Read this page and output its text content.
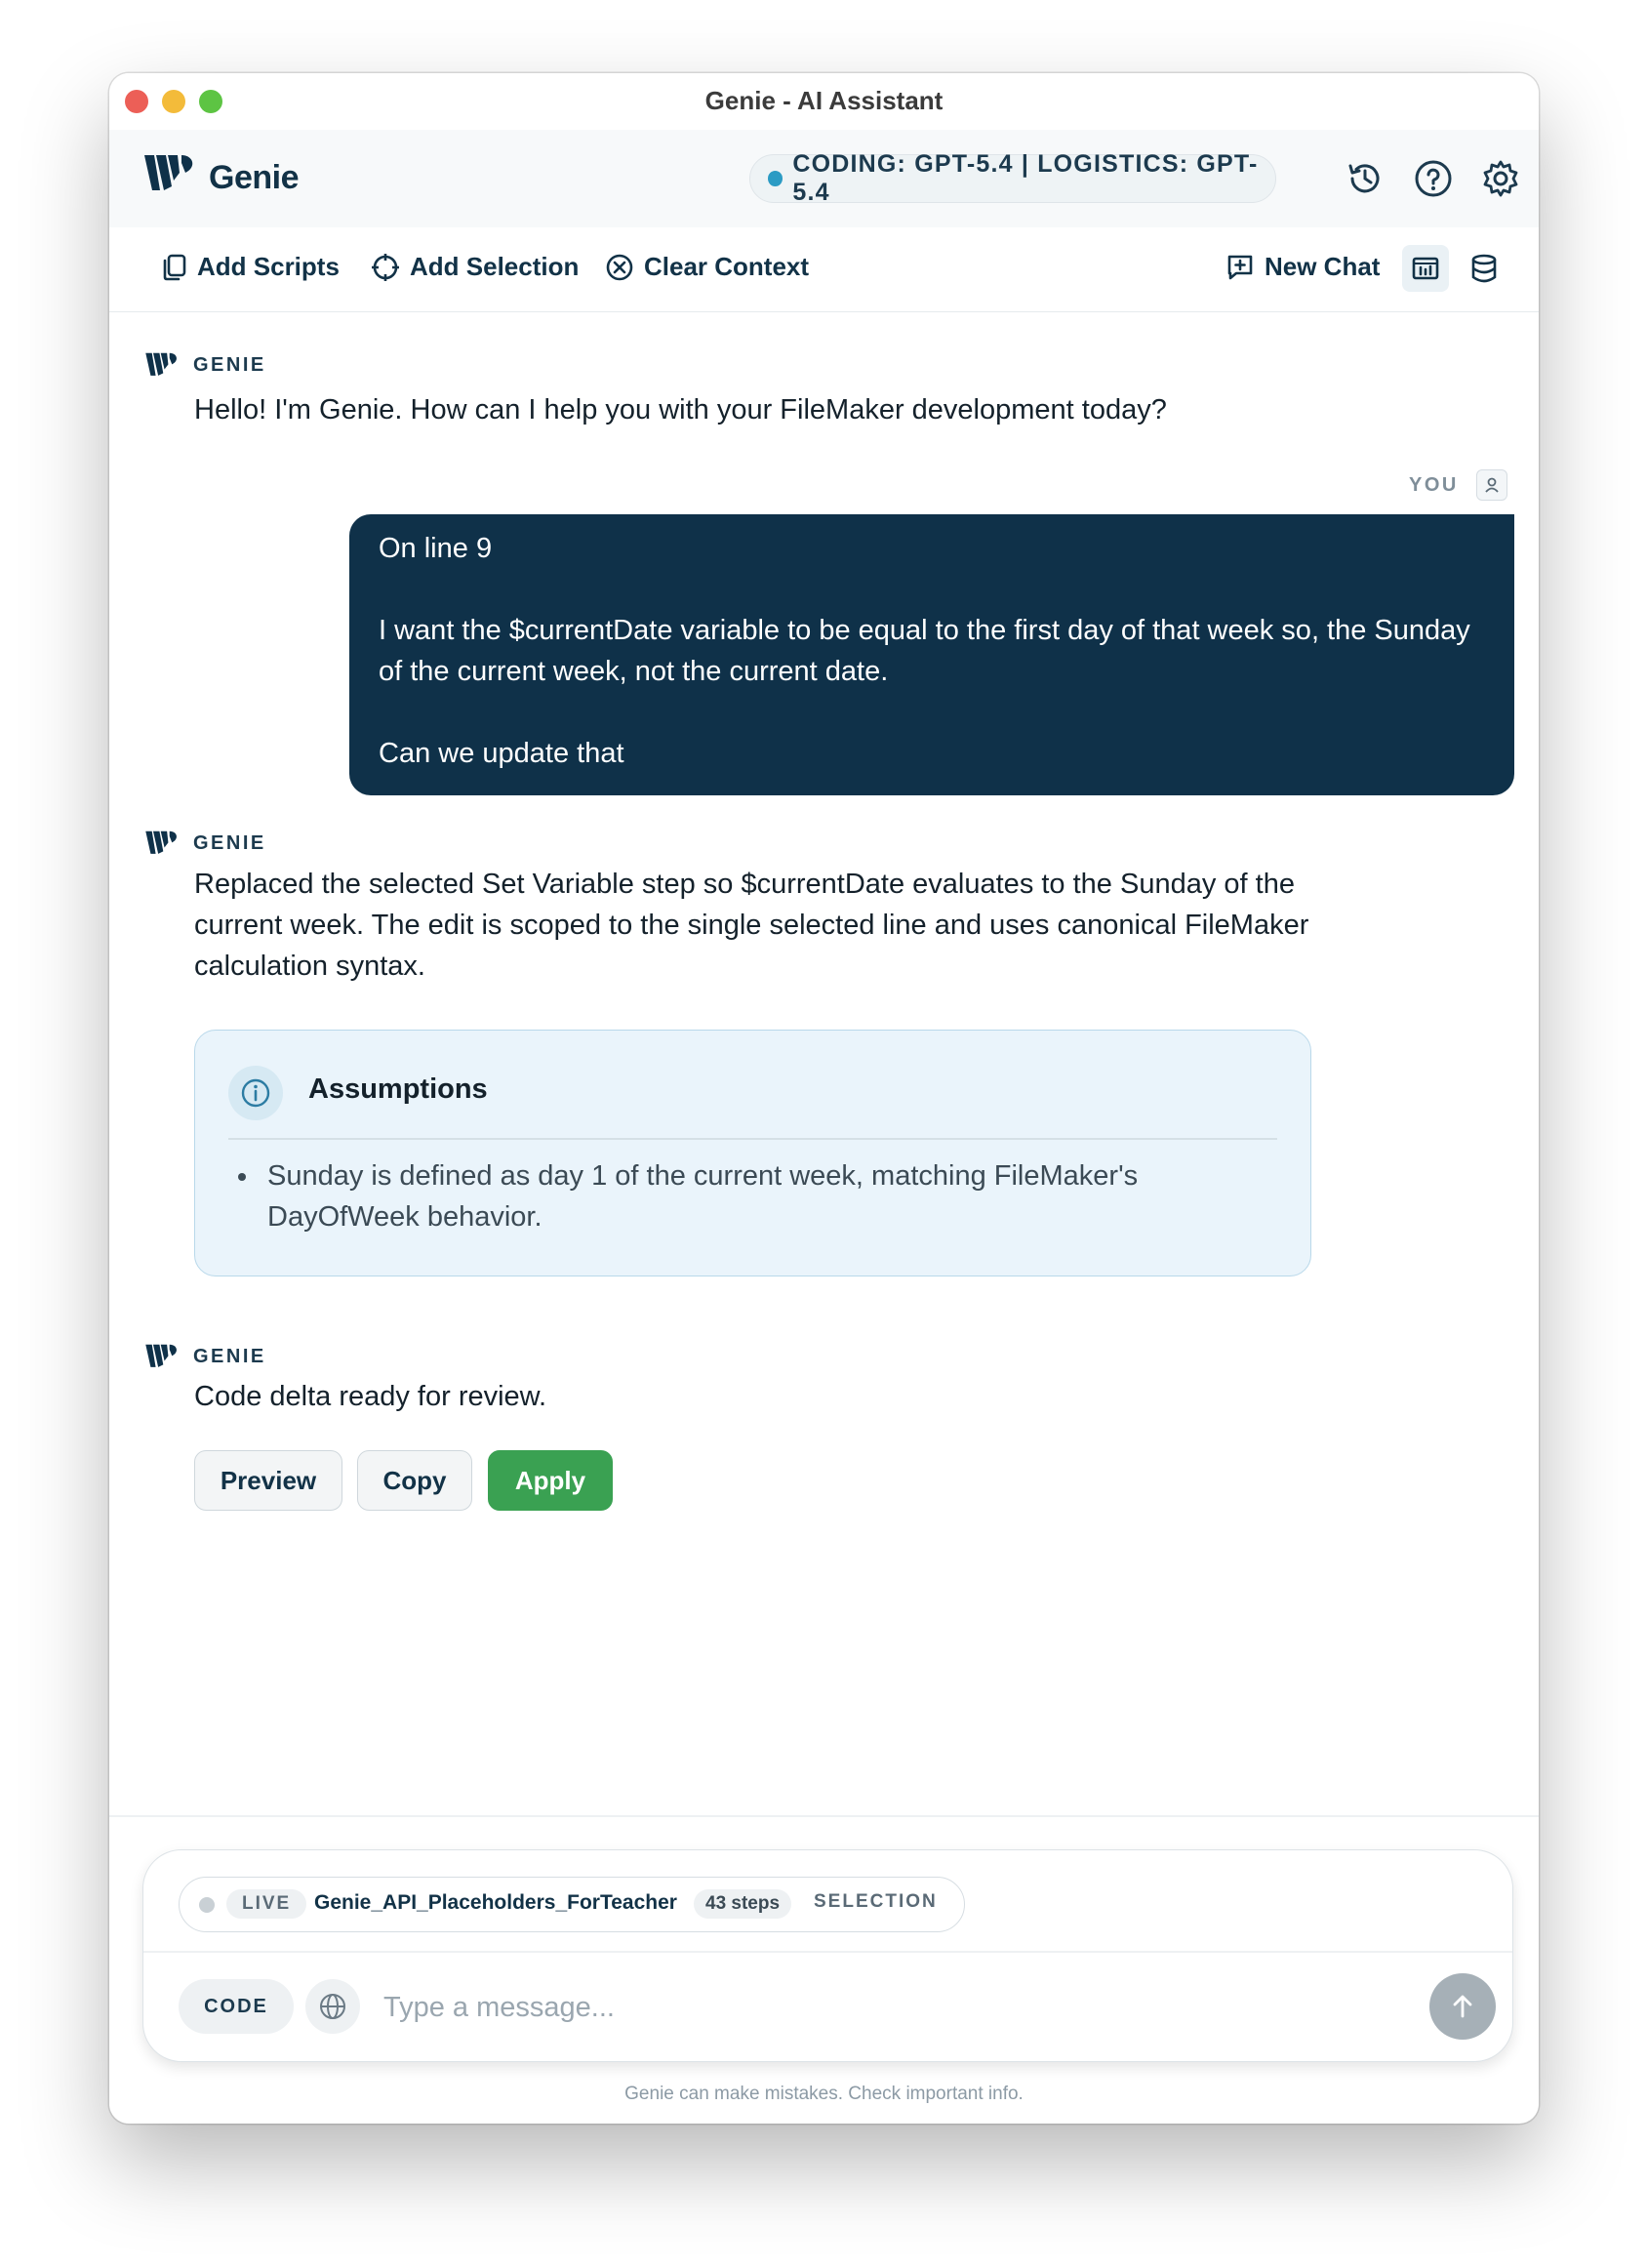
Genie - AI Assistant
Genie	CODING: GPT-5.4 | LOGISTICS: GPT-5.4
Add Scripts	Add Selection	Clear Context	New Chat
GENIE
Hello! I'm Genie. How can I help you with your FileMaker development today?
YOU

On line 9

I want the $currentDate variable to be equal to the first day of that week so, the Sunday of the current week, not the current date.

Can we update that

GENIE
Replaced the selected Set Variable step so $currentDate evaluates to the Sunday of the current week. The edit is scoped to the single selected line and uses canonical FileMaker calculation syntax.
Assumptions
Sunday is defined as day 1 of the current week, matching FileMaker's DayOfWeek behavior.
GENIE
Code delta ready for review.
Preview	Copy	Apply
LIVE	Genie_API_Placeholders_ForTeacher	43 steps	SELECTION
CODE
Type a message...
Genie can make mistakes. Check important info.
